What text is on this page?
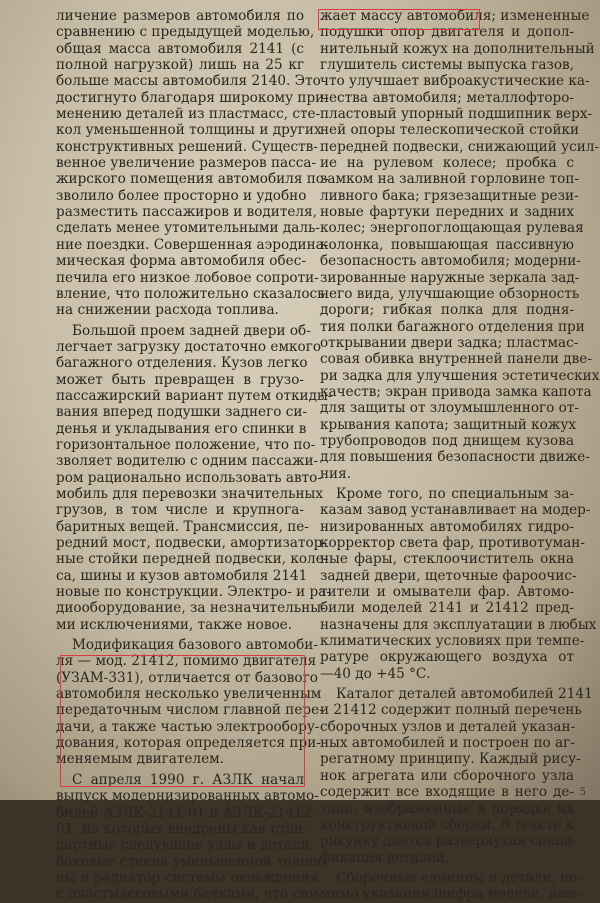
личение размеров автомобиля по
сравнению с предыдущей моделью,
общая масса автомобиля 2141 (с
полной нагрузкой) лишь на 25 кг
больше массы автомобиля 2140. Это
достигнуто благодаря широкому при-
менению деталей из пластмасс, сте-
кол уменьшенной толщины и других
конструктивных решений. Существ-
венное увеличение размеров пасса-
жирского помещения автомобиля по-
зволило более просторно и удобно
разместить пассажиров и водителя,
сделать менее утомительными даль-
ние поездки. Совершенная аэродина-
мическая форма автомобиля обес-
печила его низкое лобовое сопроти-
вление, что положительно сказалось
на снижении расхода топлива.
Большой проем задней двери об-
легчает загрузку достаточно емкого
багажного отделения. Кузов легко
может быть превращен в грузо-
пассажирский вариант путем откиды-
вания вперед подушки заднего си-
денья и укладывания его спинки в
горизонтальное положение, что по-
зволяет водителю с одним пассажи-
ром рационально использовать авто-
мобиль для перевозки значительных
грузов, в том числе и крупнога-
баритных вещей. Трансмиссия, пе-
редний мост, подвески, амортизатор-
ные стойки передней подвески, коле-
са, шины и кузов автомобиля 2141
новые по конструкции. Электро- и ра-
диооборудование, за незначительны-
ми исключениями, также новое.
Модификация базового автомоби-
ля — мод. 21412, помимо двигателя
(УЗАМ-331), отличается от базового
автомобиля несколько увеличенным
передаточным числом главной пере-
дачи, а также частью электрообору-
дования, которая определяется при-
меняемым двигателем.
С апреля 1990 г. АЗЛК начал
выпуск модернизированных автомо-
билей АЗЛК-2141-01 и АЗЛК-21412-
01, на которых внедрены как стан-
дартные следующие узлы и детали:
боковые стекла уменьшенной толщи-
ны и радиатор системы охлаждения
с пластмассовыми бачками, что сни-
жает массу автомобиля; измененные
подушки опор двигателя и допол-
нительный кожух на дополнительный
глушитель системы выпуска газов,
что улучшает виброакустические ка-
чества автомобиля; металлофторо-
пластовый упорный подшипник верх-
ней опоры телескопической стойки
передней подвески, снижающий усил-
ие на рулевом колесе; пробка с
замком на заливной горловине топ-
ливного бака; грязезащитные рези-
новые фартуки передних и задних
колес; энергопоглощающая рулевая
колонка, повышающая пассивную
безопасность автомобиля; модерни-
зированные наружные зеркала зад-
него вида, улучшающие обзорность
дороги; гибкая полка для подня-
тия полки багажного отделения при
открывании двери задка; пластмас-
совая обивка внутренней панели две-
ри задка для улучшения эстетических
качеств; экран привода замка капота
для защиты от злоумышленного от-
крывания капота; защитный кожух
трубопроводов под днищем кузова
для повышения безопасности движе-
ния.
Кроме того, по специальным за-
казам завод устанавливает на модер-
низированных автомобилях гидро-
корректор света фар, противотуман-
ные фары, стеклоочиститель окна
задней двери, щеточные фароочис-
тители и омыватели фар. Автомо-
били моделей 2141 и 21412 пред-
назначены для эксплуатации в любых
климатических условиях при темпе-
ратуре окружающего воздуха от
—40 до +45 °С.
Каталог деталей автомобилей 2141
и 21412 содержит полный перечень
сборочных узлов и деталей указан-
ных автомобилей и построен по аг-
регатному принципу. Каждый рису-
нок агрегата или сборочного узла
содержит все входящие в него де-
тали, изображенные в порядке их
конструктивной сборки. В тексте к
рисунку дается развернутая специ-
фикация деталей.
Сборочные единицы и детали, по-
мимо указания шифра модели, име-
5
